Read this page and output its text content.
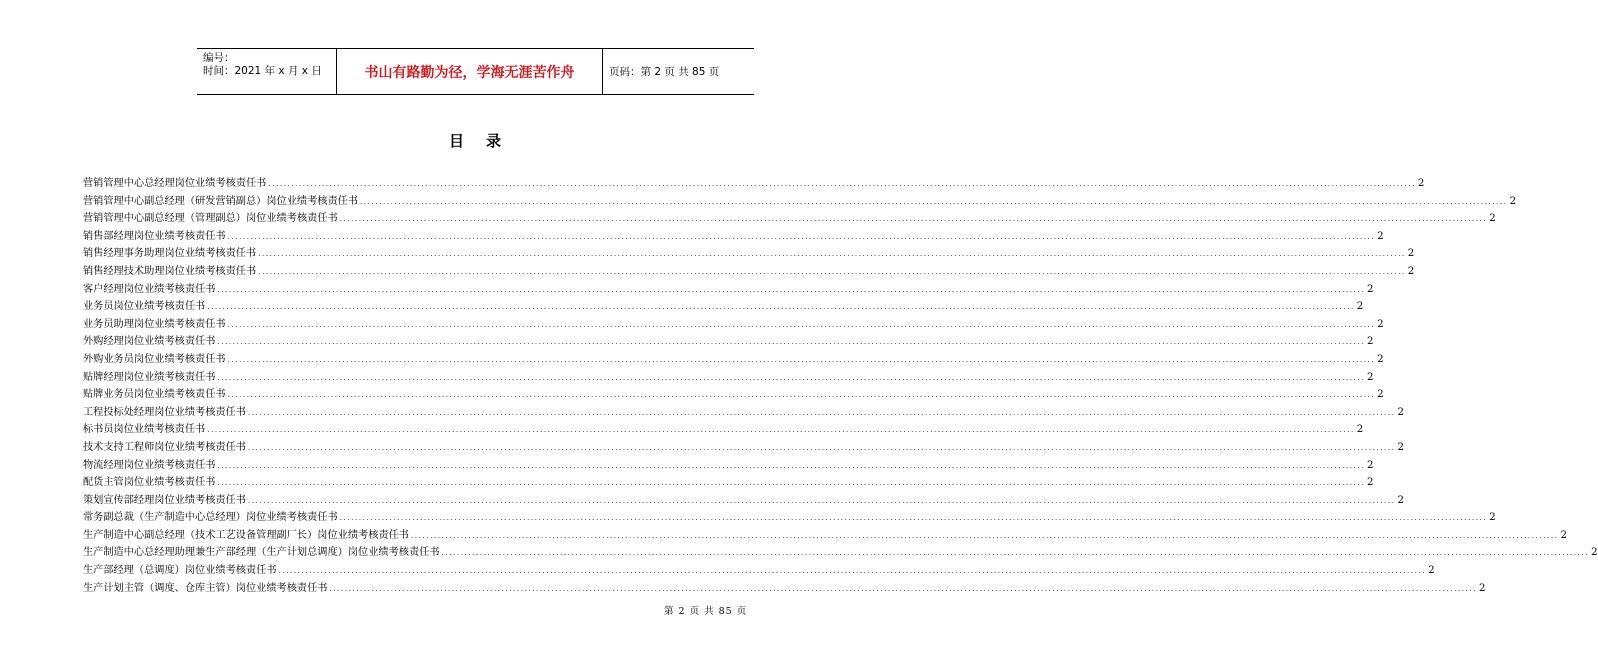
编号：
时间：2021 年 x 月 x 日	书山有路勤为径，学海无涯苦作舟	页码：第 2 页 共 85 页
目录
营销管理中心总经理岗位业绩考核责任书 ............................................................................................................................................................................................................................................................................................................ 2
营销管理中心副总经理（研发营销副总）岗位业绩考核责任书 ............................................................................................................................................................................................................................................................................................................ 2
营销管理中心副总经理（管理副总）岗位业绩考核责任书 ............................................................................................................................................................................................................................................................................................................ 2
销售部经理岗位业绩考核责任书 ............................................................................................................................................................................................................................................................................................................ 2
销售经理事务助理岗位业绩考核责任书 ............................................................................................................................................................................................................................................................................................................ 2
销售经理技术助理岗位业绩考核责任书 ............................................................................................................................................................................................................................................................................................................ 2
客户经理岗位业绩考核责任书 ............................................................................................................................................................................................................................................................................................................ 2
业务员岗位业绩考核责任书 ............................................................................................................................................................................................................................................................................................................ 2
业务员助理岗位业绩考核责任书 ............................................................................................................................................................................................................................................................................................................ 2
外购经理岗位业绩考核责任书 ............................................................................................................................................................................................................................................................................................................ 2
外购业务员岗位业绩考核责任书 ............................................................................................................................................................................................................................................................................................................ 2
贴牌经理岗位业绩考核责任书 ............................................................................................................................................................................................................................................................................................................ 2
贴牌业务员岗位业绩考核责任书 ............................................................................................................................................................................................................................................................................................................ 2
工程投标处经理岗位业绩考核责任书 ............................................................................................................................................................................................................................................................................................................ 2
标书员岗位业绩考核责任书 ............................................................................................................................................................................................................................................................................................................ 2
技术支持工程师岗位业绩考核责任书 ............................................................................................................................................................................................................................................................................................................ 2
物流经理岗位业绩考核责任书 ............................................................................................................................................................................................................................................................................................................ 2
配货主管岗位业绩考核责任书 ............................................................................................................................................................................................................................................................................................................ 2
策划宣传部经理岗位业绩考核责任书 ............................................................................................................................................................................................................................................................................................................ 2
常务副总裁（生产制造中心总经理）岗位业绩考核责任书 ............................................................................................................................................................................................................................................................................................................ 2
生产制造中心副总经理（技术工艺设备管理副厂长）岗位业绩考核责任书 ............................................................................................................................................................................................................................................................................................................ 2
生产制造中心总经理助理兼生产部经理（生产计划总调度）岗位业绩考核责任书 ............................................................................................................................................................................................................................................................................................................ 2
生产部经理（总调度）岗位业绩考核责任书 ............................................................................................................................................................................................................................................................................................................ 2
生产计划主管（调度、仓库主管）岗位业绩考核责任书 ............................................................................................................................................................................................................................................................................................................ 2
第 2 页 共 85 页
